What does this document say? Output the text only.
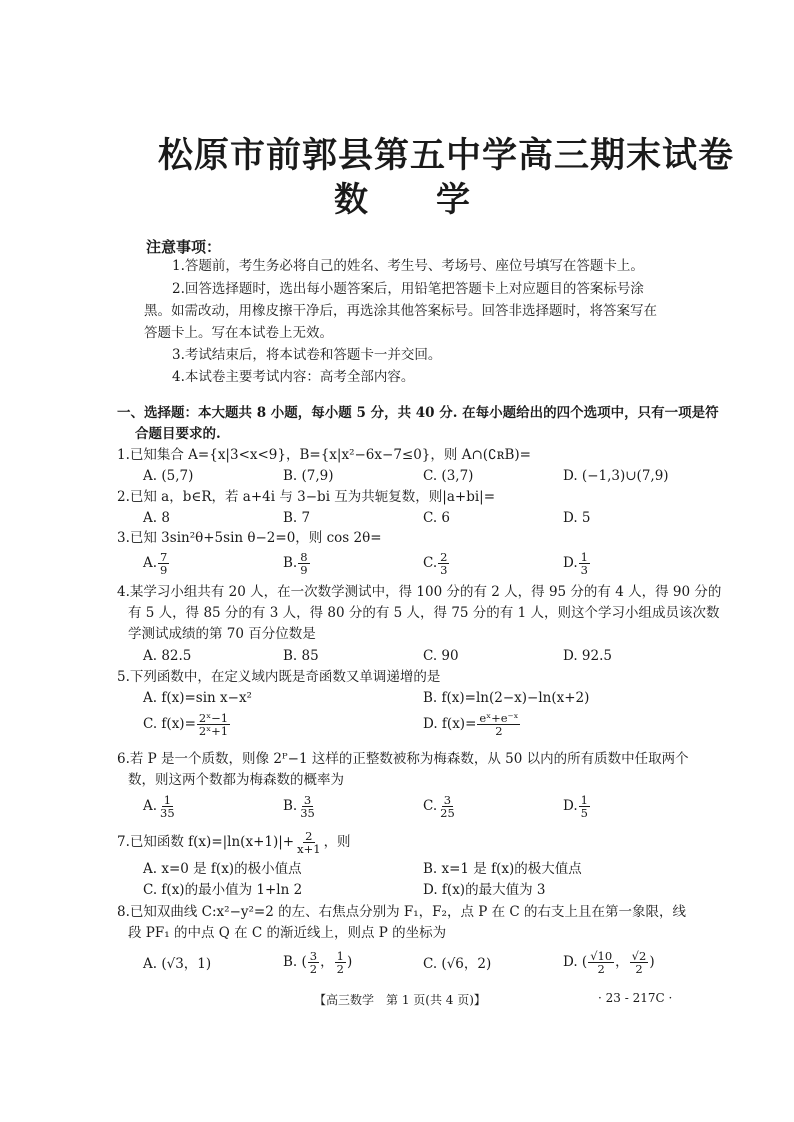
松原市前郭县第五中学高三期末试卷
数　　学
注意事项：
1.答题前，考生务必将自己的姓名、考生号、考场号、座位号填写在答题卡上。
2.回答选择题时，选出每小题答案后，用铅笔把答题卡上对应题目的答案标号涂
黑。如需改动，用橡皮擦干净后，再选涂其他答案标号。回答非选择题时，将答案写在
答题卡上。写在本试卷上无效。
3.考试结束后，将本试卷和答题卡一并交回。
4.本试卷主要考试内容：高考全部内容。
一、选择题：本大题共 8 小题，每小题 5 分，共 40 分. 在每小题给出的四个选项中，只有一项是符
合题目要求的.
1.已知集合 A={x|3<x<9}，B={x|x²−6x−7≤0}，则 A∩(∁ʀB)=
A. (5,7)	B. (7,9)	C. (3,7)	D. (−1,3)∪(7,9)
2.已知 a，b∈R，若 a+4i 与 3−bi 互为共轭复数，则|a+bi|=
A. 8	B. 7	C. 6	D. 5
3.已知 3sin²θ+5sin θ−2=0，则 cos 2θ=
A. $\frac{7}{9}$	B. $\frac{8}{9}$	C. $\frac{2}{3}$	D. $\frac{1}{3}$
4.某学习小组共有 20 人，在一次数学测试中，得 100 分的有 2 人，得 95 分的有 4 人，得 90 分的
有 5 人，得 85 分的有 3 人，得 80 分的有 5 人，得 75 分的有 1 人，则这个学习小组成员该次数
学测试成绩的第 70 百分位数是
A. 82.5	B. 85	C. 90	D. 92.5
5.下列函数中，在定义域内既是奇函数又单调递增的是
A. f(x)=sin x−x²	B. f(x)=ln(2−x)−ln(x+2)
C. $f(x)= \frac{\text{2ˣ−1}}{\text{2ˣ+1}}$	D. $f(x)= \frac{\text{eˣ+e⁻ˣ}}{2}$
6.若 P 是一个质数，则像 2ᴾ−1 这样的正整数被称为梅森数，从 50 以内的所有质数中任取两个
数，则这两个数都为梅森数的概率为
A. $\frac{1}{35}$	B. $\frac{3}{35}$	C. $\frac{3}{25}$	D. $\frac{1}{5}$
7.已知函数 $f(x)=|\ln(x+1)|+ \frac{2}{x+1}$ ，则
A. x=0 是 f(x)的极小值点	B. x=1 是 f(x)的极大值点
C. f(x)的最小值为 1+ln 2	D. f(x)的最大值为 3
8.已知双曲线 C:x²−y²=2 的左、右焦点分别为 F₁，F₂，点 P 在 C 的右支上且在第一象限，线
段 PF₁ 的中点 Q 在 C 的渐近线上，则点 P 的坐标为
A. (√3，1)	B. ( $\frac{3}{2}$ ， $\frac{1}{2}$ )	C. (√6，2)	D. ( $\frac{√10}{2}$ ， $\frac{√2}{2}$ )
【高三数学　第 1 页(共 4 页)】	· 23 - 217C ·
